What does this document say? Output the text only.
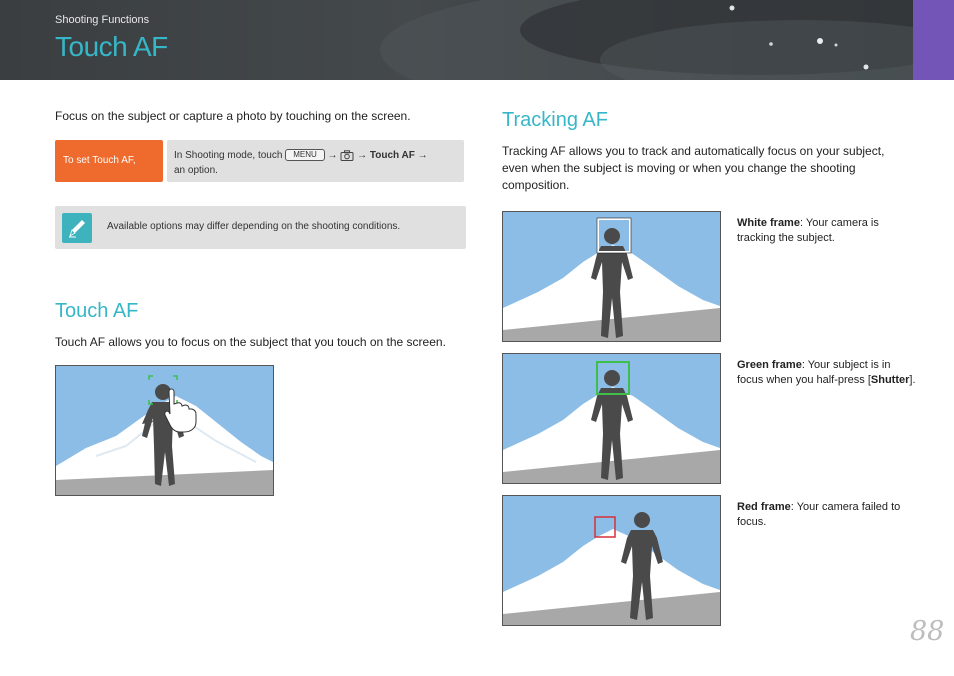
Shooting Functions
Touch AF
Focus on the subject or capture a photo by touching on the screen.
To set Touch AF,	In Shooting mode, touch MENU → → Touch AF →
an option.
Available options may differ depending on the shooting conditions.
Touch AF
Touch AF allows you to focus on the subject that you touch on the screen.
Tracking AF
Tracking AF allows you to track and automatically focus on your subject, even when the subject is moving or when you change the shooting composition.
White frame: Your camera is tracking the subject.
Green frame: Your subject is in focus when you half-press [Shutter].
Red frame: Your camera failed to focus.
88
